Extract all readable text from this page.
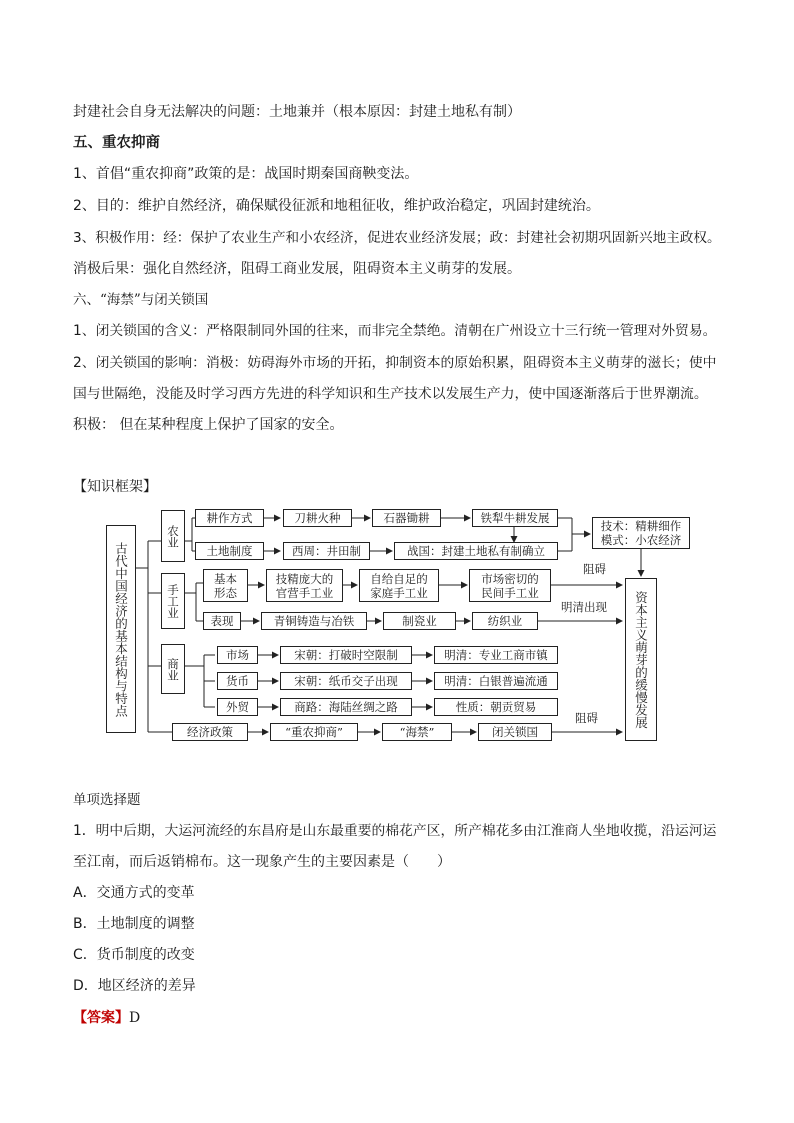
封建社会自身无法解决的问题：土地兼并（根本原因：封建土地私有制）
五、重农抑商
1、首倡“重农抑商”政策的是：战国时期秦国商鞅变法。
2、目的：维护自然经济，确保赋役征派和地租征收，维护政治稳定，巩固封建统治。
3、积极作用：经：保护了农业生产和小农经济，促进农业经济发展；政：封建社会初期巩固新兴地主政权。
消极后果：强化自然经济，阻碍工商业发展，阻碍资本主义萌芽的发展。
六、“海禁”与闭关锁国
1、闭关锁国的含义：严格限制同外国的往来，而非完全禁绝。清朝在广州设立十三行统一管理对外贸易。
2、闭关锁国的影响：消极：妨碍海外市场的开拓，抑制资本的原始积累，阻碍资本主义萌芽的滋长；使中
国与世隔绝，没能及时学习西方先进的科学知识和生产技术以发展生产力，使中国逐渐落后于世界潮流。
积极： 但在某种程度上保护了国家的安全。
【知识框架】
古代中国经济的基本结构与特点	资本主义萌芽的缓慢发展
农业
耕作方式	刀耕火种	石器锄耕	铁犁牛耕发展
技术：精耕细作
模式：小农经济
土地制度	西周：井田制	战国：封建土地私有制确立
手工业
基本
形态
技精庞大的
官营手工业
自给自足的
家庭手工业
市场密切的
民间手工业
阻碍
明清出现
表现	青铜铸造与冶铁	制瓷业	纺织业
商业
市场	宋朝：打破时空限制	明清：专业工商市镇
货币	宋朝：纸币交子出现	明清：白银普遍流通
外贸	商路：海陆丝绸之路	性质：朝贡贸易
阻碍
经济政策	“重农抑商”	“海禁”	闭关锁国
单项选择题
1．明中后期，大运河流经的东昌府是山东最重要的棉花产区，所产棉花多由江淮商人坐地收揽，沿运河运
至江南，而后返销棉布。这一现象产生的主要因素是（　　）
A．交通方式的变革
B．土地制度的调整
C．货币制度的改变
D．地区经济的差异
【答案】D
